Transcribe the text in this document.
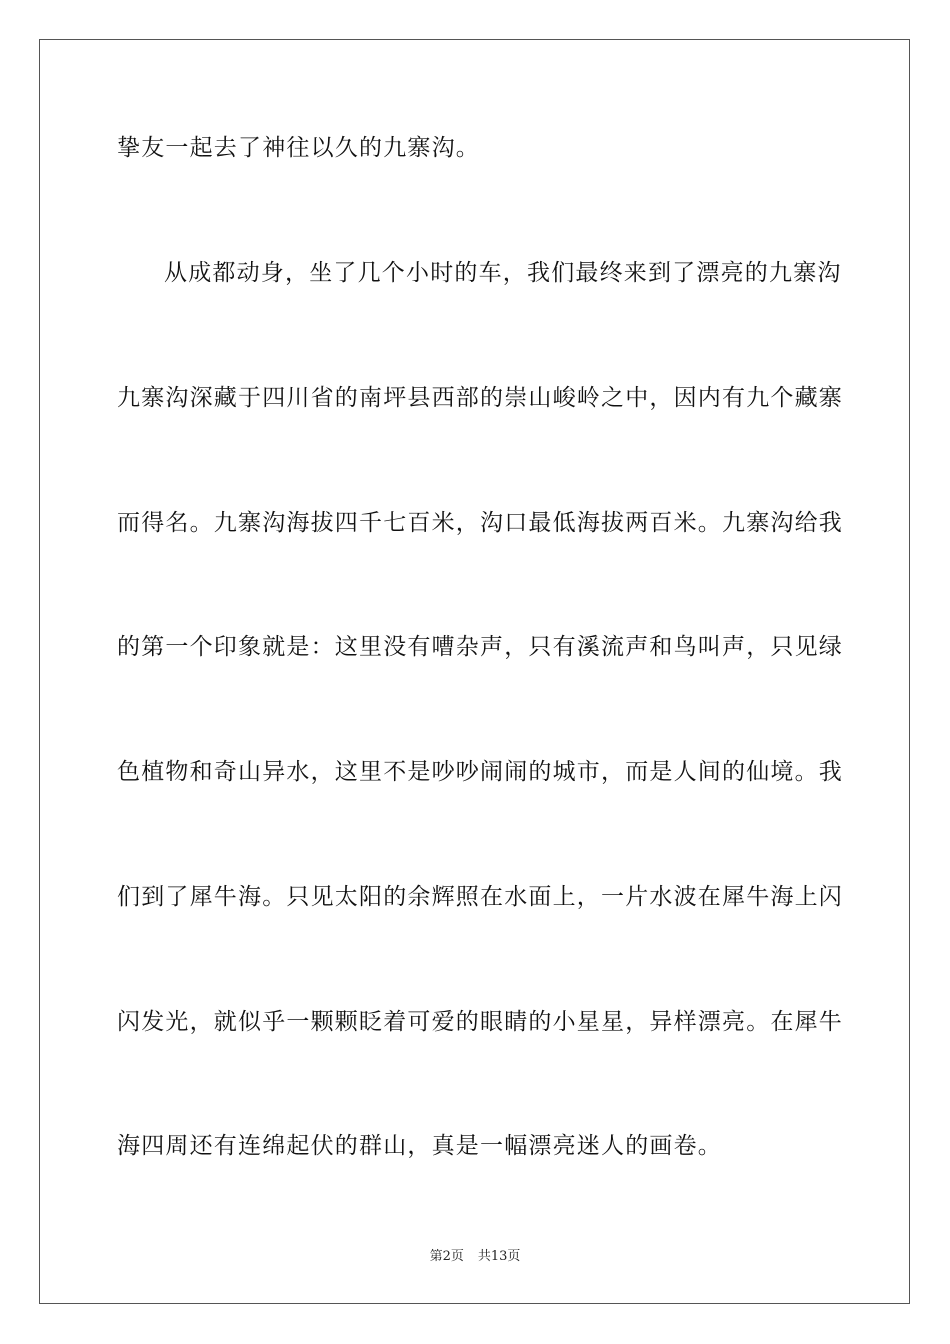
挚友一起去了神往以久的九寨沟。
从成都动身，坐了几个小时的车，我们最终来到了漂亮的九寨沟
九寨沟深藏于四川省的南坪县西部的崇山峻岭之中，因内有九个藏寨
而得名。九寨沟海拔四千七百米，沟口最低海拔两百米。九寨沟给我
的第一个印象就是：这里没有嘈杂声，只有溪流声和鸟叫声，只见绿
色植物和奇山异水，这里不是吵吵闹闹的城市，而是人间的仙境。我
们到了犀牛海。只见太阳的余辉照在水面上，一片水波在犀牛海上闪
闪发光，就似乎一颗颗眨着可爱的眼睛的小星星，异样漂亮。在犀牛
海四周还有连绵起伏的群山，真是一幅漂亮迷人的画卷。
第2页 共13页
